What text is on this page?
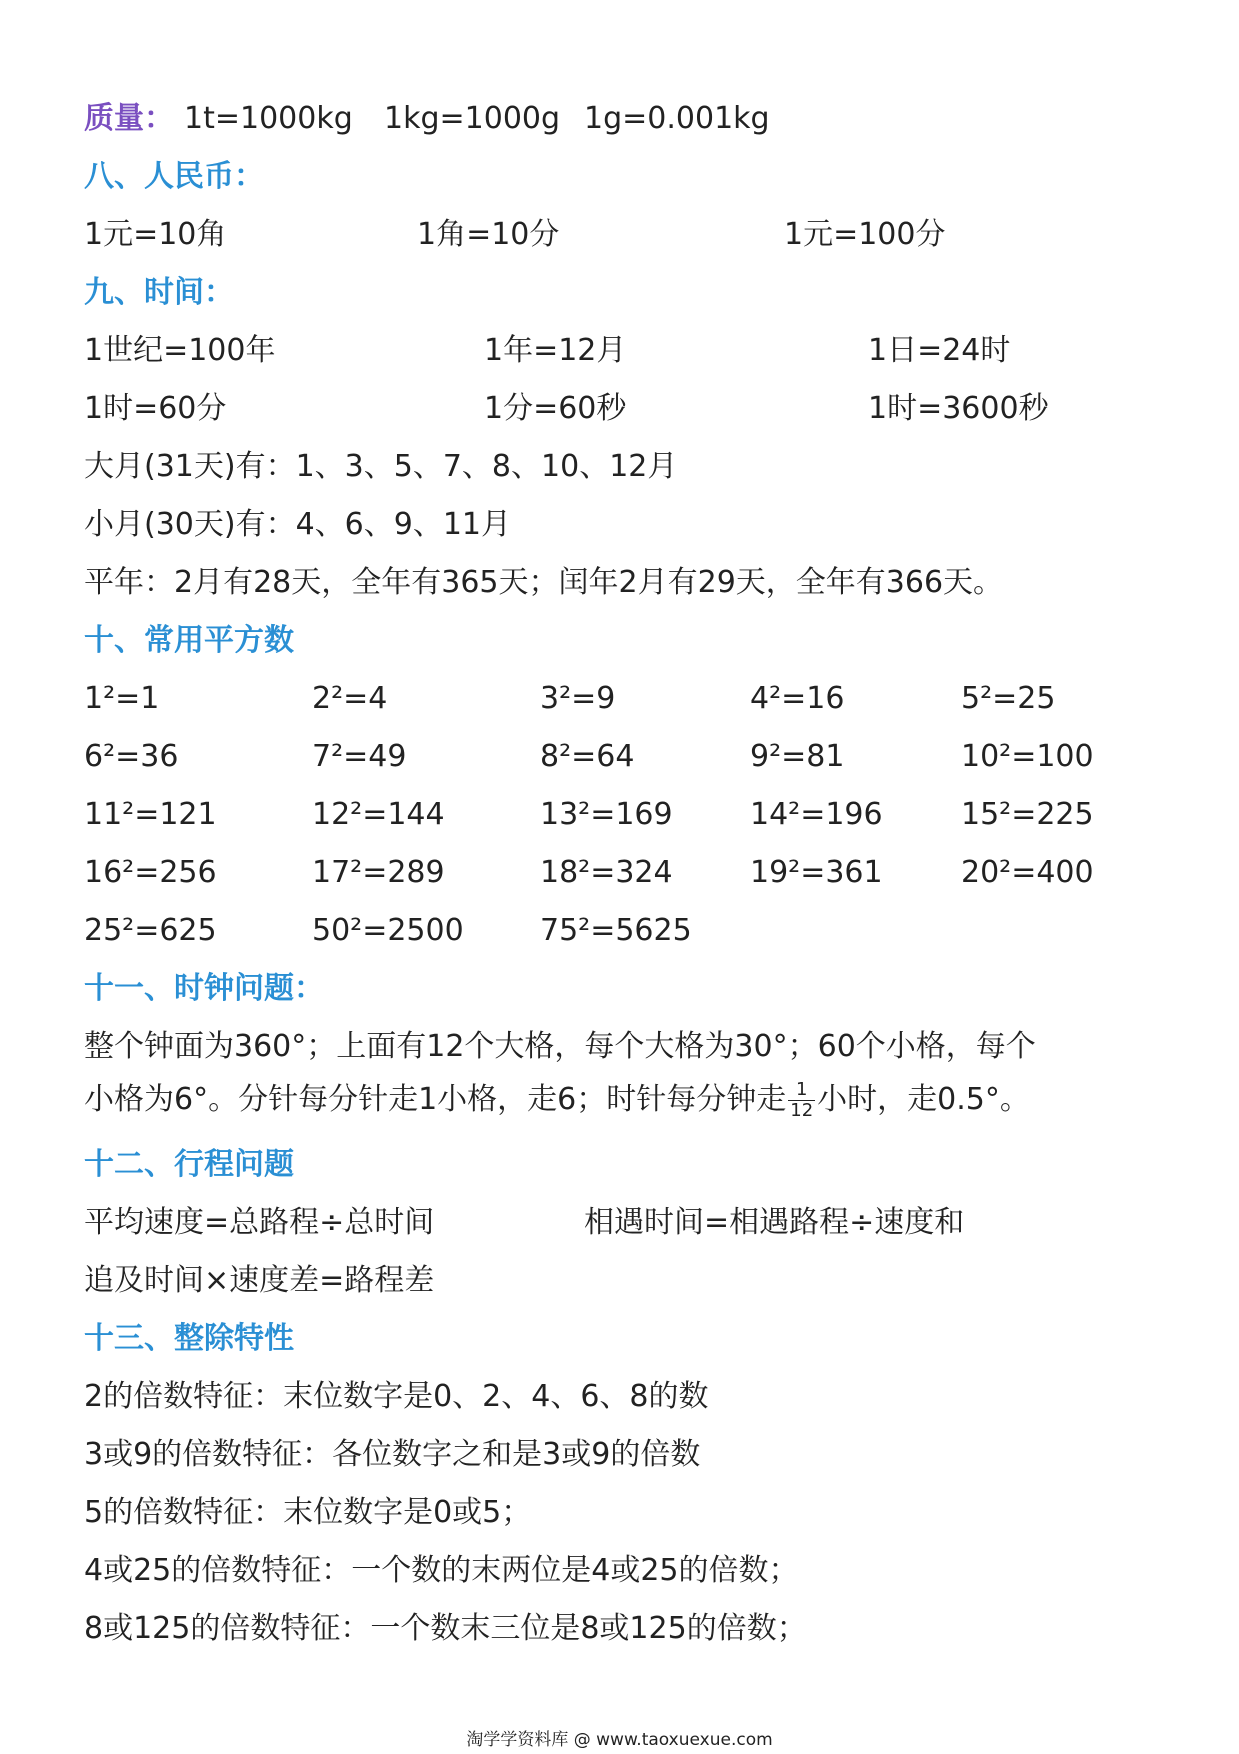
质量： 1t=1000kg 1kg=1000g 1g=0.001kg
八、人民币：
1元=10角	1角=10分	1元=100分
九、时间：
1世纪=100年	1年=12月	1日=24时
1时=60分	1分=60秒	1时=3600秒
大月(31天)有：1、3、5、7、8、10、12月
小月(30天)有：4、6、9、11月
平年：2月有28天，全年有365天；闰年2月有29天，全年有366天。
十、常用平方数
1²=1	2²=4	3²=9	4²=16	5²=25
6²=36	7²=49	8²=64	9²=81	10²=100
11²=121	12²=144	13²=169	14²=196	15²=225
16²=256	17²=289	18²=324	19²=361	20²=400
25²=625	50²=2500	75²=5625
十一、时钟问题：
整个钟面为360°；上面有12个大格，每个大格为30°；60个小格，每个
小格为6°。分针每分针走1小格，走6；时针每分钟走 $\frac{1}{12}$ 小时，走0.5°。
十二、行程问题
平均速度=总路程÷总时间	相遇时间=相遇路程÷速度和
追及时间×速度差=路程差
十三、整除特性
2的倍数特征：末位数字是0、2、4、6、8的数
3或9的倍数特征：各位数字之和是3或9的倍数
5的倍数特征：末位数字是0或5；
4或25的倍数特征：一个数的末两位是4或25的倍数；
8或125的倍数特征：一个数末三位是8或125的倍数；
淘学学资料库 @ www.taoxuexue.com
